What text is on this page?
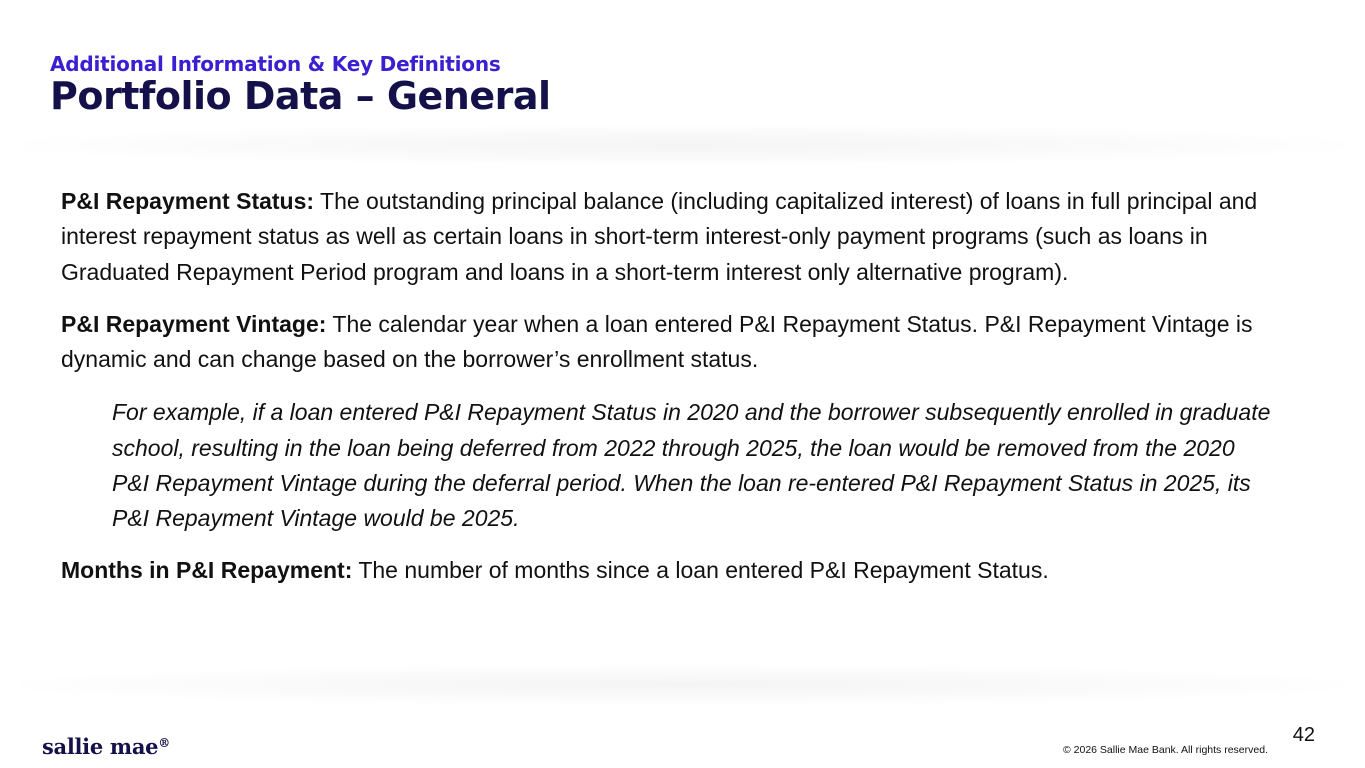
Additional Information & Key Definitions
Portfolio Data – General

P&I Repayment Status: The outstanding principal balance (including capitalized interest) of loans in full principal and interest repayment status as well as certain loans in short-term interest-only payment programs (such as loans in Graduated Repayment Period program and loans in a short-term interest only alternative program).

P&I Repayment Vintage: The calendar year when a loan entered P&I Repayment Status. P&I Repayment Vintage is dynamic and can change based on the borrower’s enrollment status.

For example, if a loan entered P&I Repayment Status in 2020 and the borrower subsequently enrolled in graduate school, resulting in the loan being deferred from 2022 through 2025, the loan would be removed from the 2020 P&I Repayment Vintage during the deferral period. When the loan re-entered P&I Repayment Status in 2025, its P&I Repayment Vintage would be 2025.

Months in P&I Repayment: The number of months since a loan entered P&I Repayment Status.

sallie mae®	© 2026 Sallie Mae Bank. All rights reserved.
42
